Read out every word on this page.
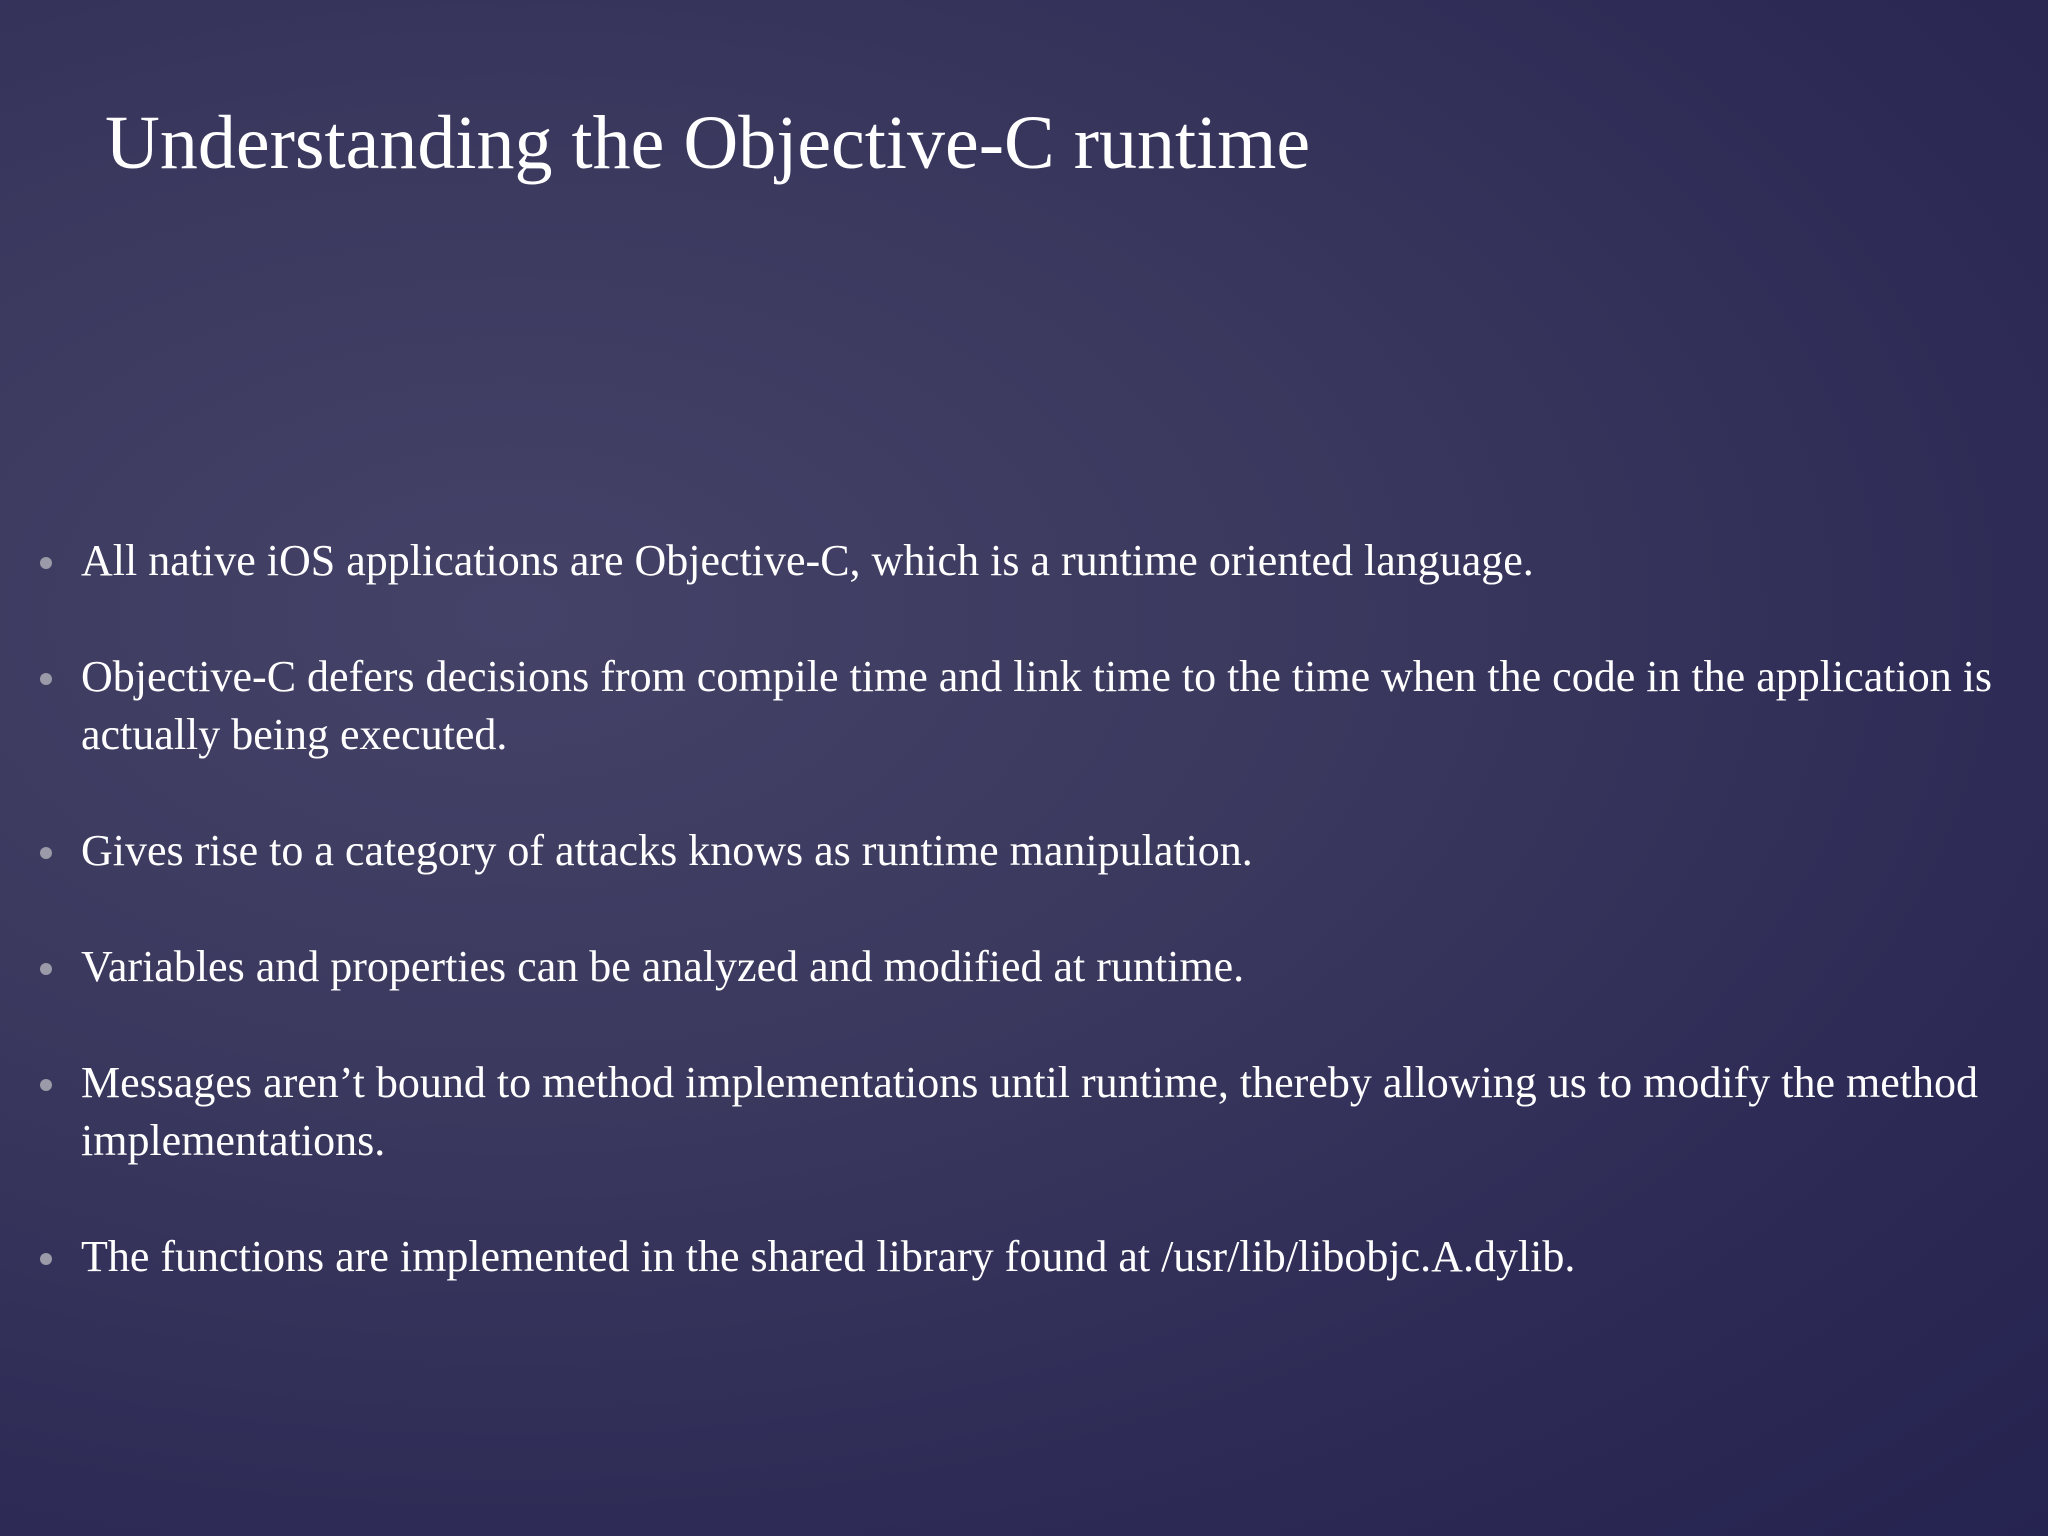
Understanding the Objective-C runtime
All native iOS applications are Objective-C, which is a runtime oriented language.
Objective-C defers decisions from compile time and link time to the time when the code in the application is actually being executed.
Gives rise to a category of attacks knows as runtime manipulation.
Variables and properties can be analyzed and modified at runtime.
Messages aren’t bound to method implementations until runtime, thereby allowing us to modify the method implementations.
The functions are implemented in the shared library found at /usr/lib/libobjc.A.dylib.
